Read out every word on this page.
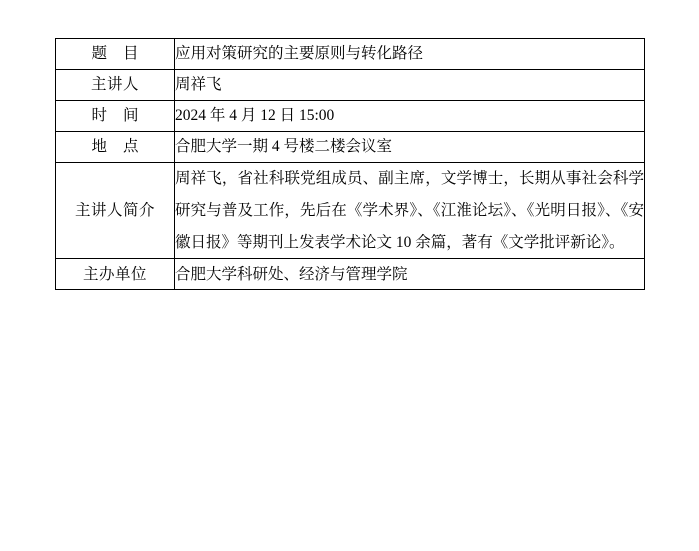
题 目	应用对策研究的主要原则与转化路径
主讲人	周祥飞
时 间	2024 年 4 月 12 日 15:00
地 点	合肥大学一期 4 号楼二楼会议室
主讲人简介	周祥飞，省社科联党组成员、副主席，文学博士，长期从事社会科学研究与普及工作，先后在《学术界》、《江淮论坛》、《光明日报》、《安徽日报》等期刊上发表学术论文 10 余篇，著有《文学批评新论》。
主办单位	合肥大学科研处、经济与管理学院
